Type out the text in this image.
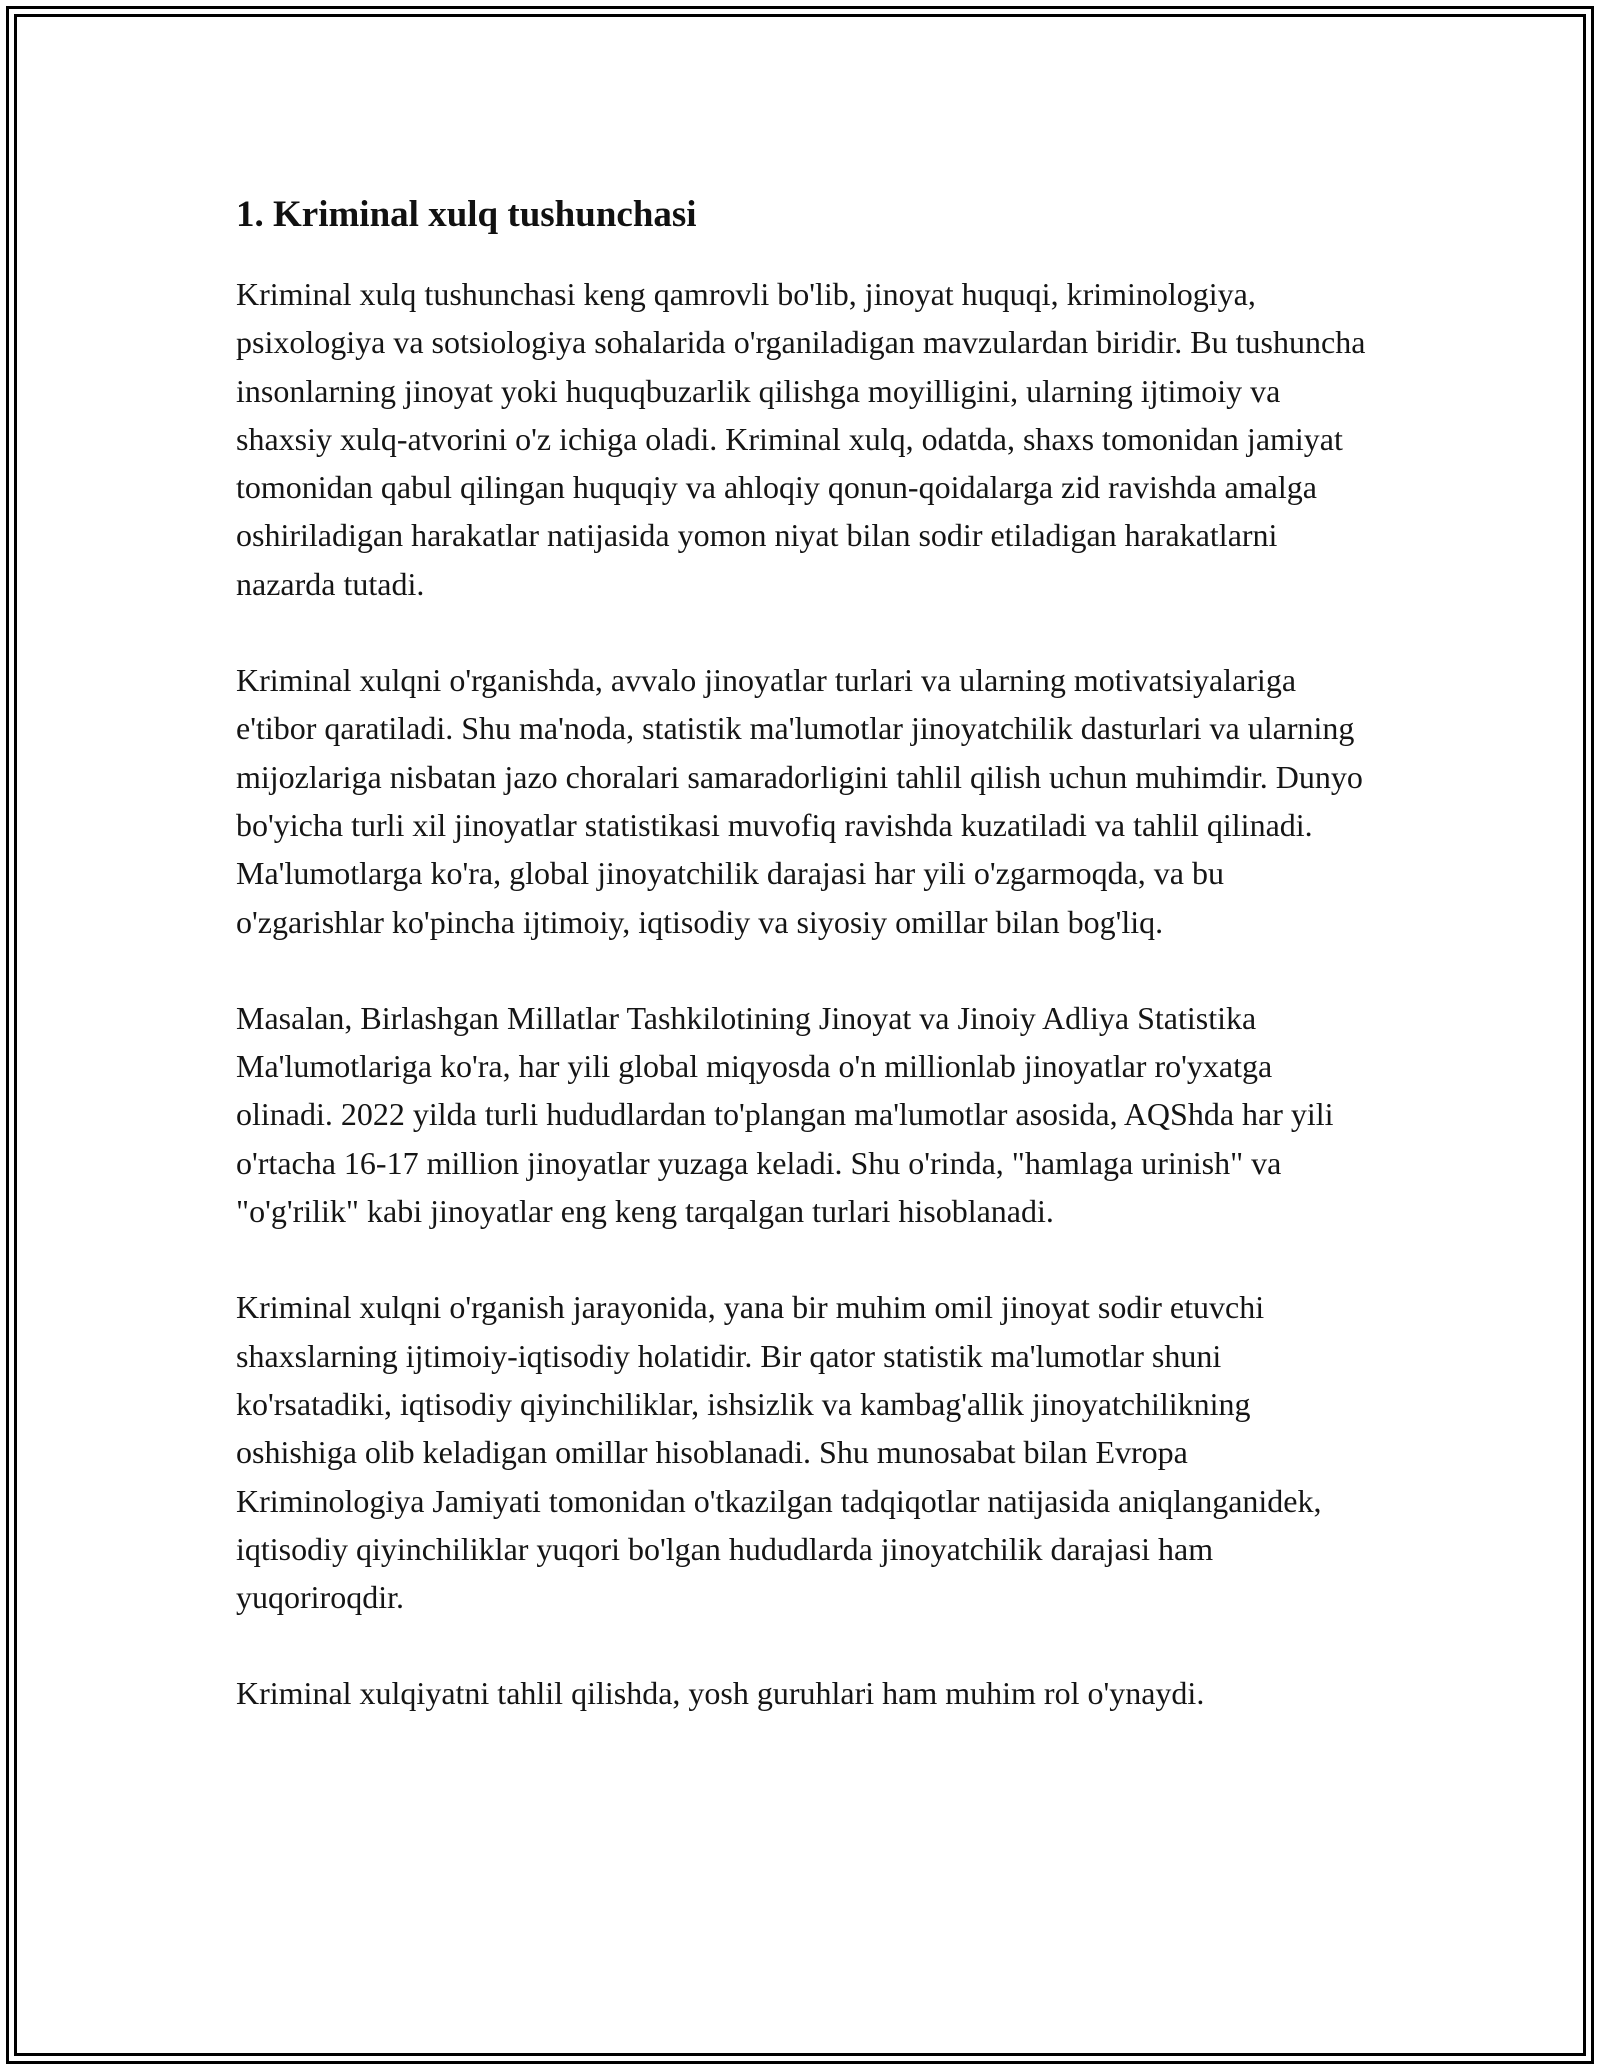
1. Kriminal xulq tushunchasi

Kriminal xulq tushunchasi keng qamrovli bo'lib, jinoyat huquqi, kriminologiya, psixologiya va sotsiologiya sohalarida o'rganiladigan mavzulardan biridir. Bu tushuncha insonlarning jinoyat yoki huquqbuzarlik qilishga moyilligini, ularning ijtimoiy va shaxsiy xulq-atvorini o'z ichiga oladi. Kriminal xulq, odatda, shaxs tomonidan jamiyat tomonidan qabul qilingan huquqiy va ahloqiy qonun-qoidalarga zid ravishda amalga oshiriladigan harakatlar natijasida yomon niyat bilan sodir etiladigan harakatlarni nazarda tutadi.

Kriminal xulqni o'rganishda, avvalo jinoyatlar turlari va ularning motivatsiyalariga e'tibor qaratiladi. Shu ma'noda, statistik ma'lumotlar jinoyatchilik dasturlari va ularning mijozlariga nisbatan jazo choralari samaradorligini tahlil qilish uchun muhimdir. Dunyo bo'yicha turli xil jinoyatlar statistikasi muvofiq ravishda kuzatiladi va tahlil qilinadi. Ma'lumotlarga ko'ra, global jinoyatchilik darajasi har yili o'zgarmoqda, va bu o'zgarishlar ko'pincha ijtimoiy, iqtisodiy va siyosiy omillar bilan bog'liq.

Masalan, Birlashgan Millatlar Tashkilotining Jinoyat va Jinoiy Adliya Statistika Ma'lumotlariga ko'ra, har yili global miqyosda o'n millionlab jinoyatlar ro'yxatga olinadi. 2022 yilda turli hududlardan to'plangan ma'lumotlar asosida, AQShda har yili o'rtacha 16-17 million jinoyatlar yuzaga keladi. Shu o'rinda, "hamlaga urinish" va "o'g'rilik" kabi jinoyatlar eng keng tarqalgan turlari hisoblanadi.

Kriminal xulqni o'rganish jarayonida, yana bir muhim omil jinoyat sodir etuvchi shaxslarning ijtimoiy-iqtisodiy holatidir. Bir qator statistik ma'lumotlar shuni ko'rsatadiki, iqtisodiy qiyinchiliklar, ishsizlik va kambag'allik jinoyatchilikning oshishiga olib keladigan omillar hisoblanadi. Shu munosabat bilan Evropa Kriminologiya Jamiyati tomonidan o'tkazilgan tadqiqotlar natijasida aniqlanganidek, iqtisodiy qiyinchiliklar yuqori bo'lgan hududlarda jinoyatchilik darajasi ham yuqoriroqdir.

Kriminal xulqiyatni tahlil qilishda, yosh guruhlari ham muhim rol o'ynaydi.
